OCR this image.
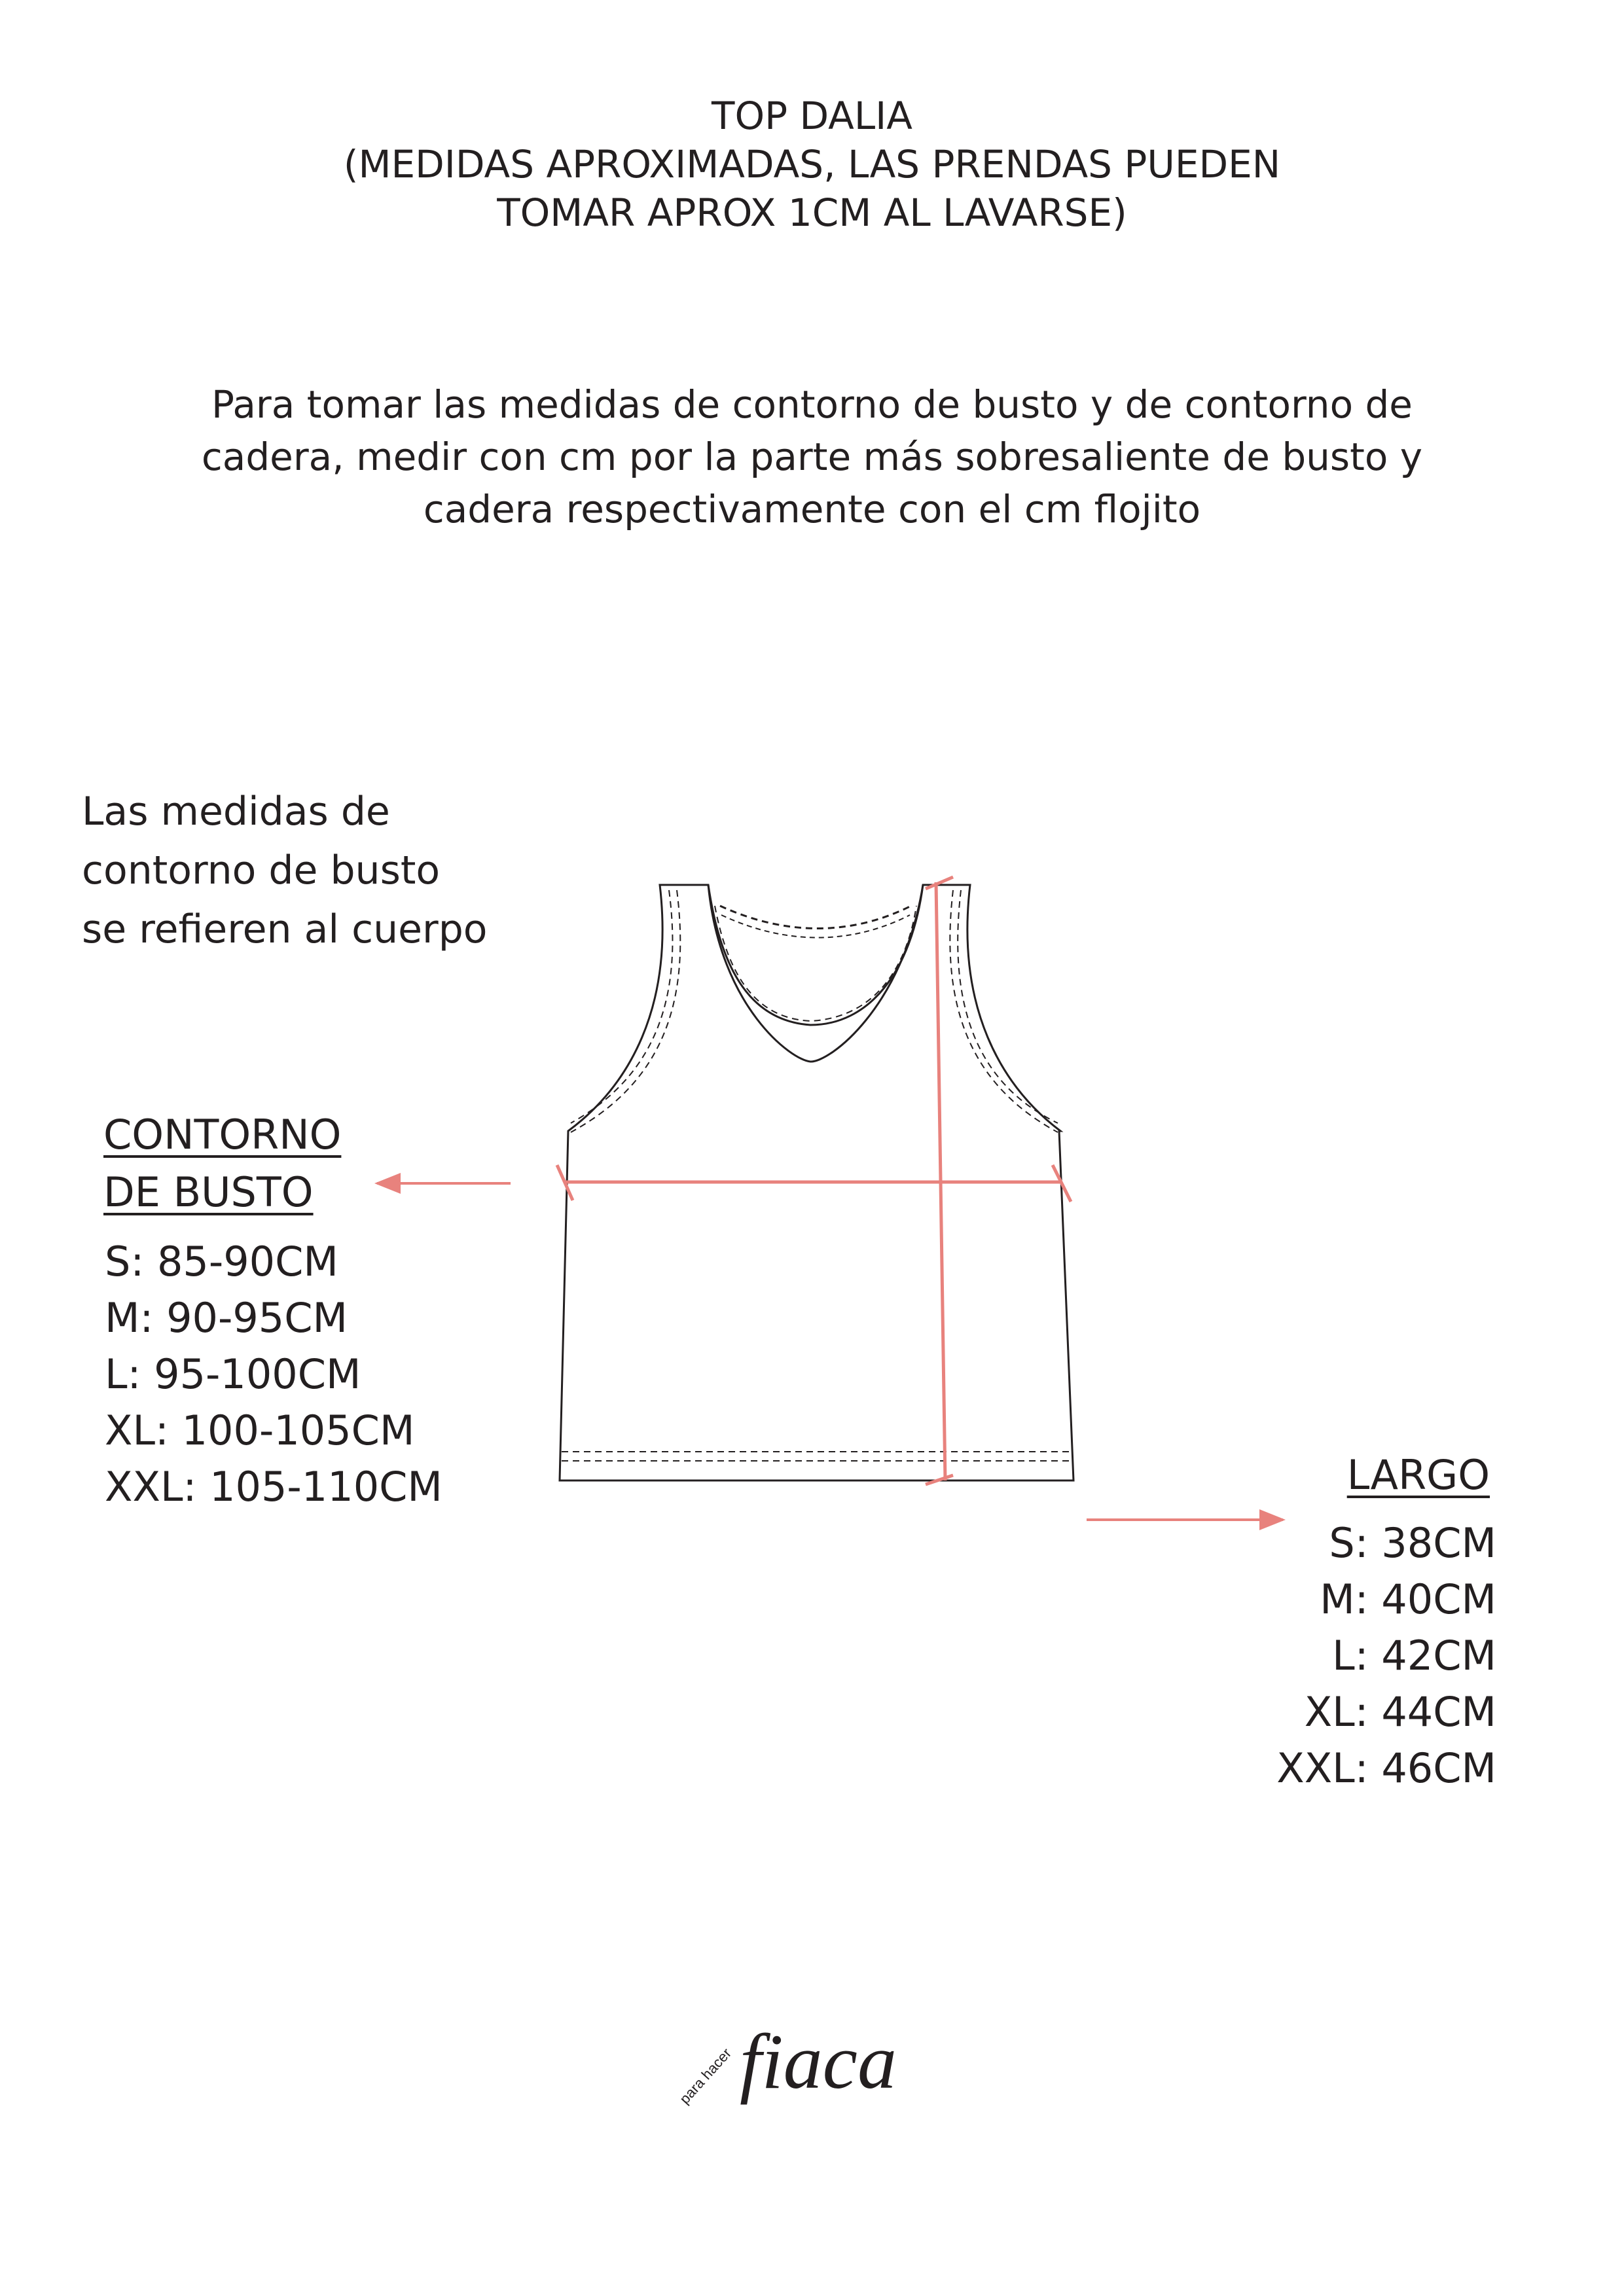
TOP DALIA
(MEDIDAS APROXIMADAS, LAS PRENDAS PUEDEN
TOMAR APROX 1CM AL LAVARSE)
Para tomar las medidas de contorno de busto y de contorno de
cadera, medir con cm por la parte más sobresaliente de busto y
cadera respectivamente con el cm flojito
Las medidas de
contorno de busto
se refieren al cuerpo
CONTORNO
DE BUSTO
S: 85-90CM
M: 90-95CM
L: 95-100CM
XL: 100-105CM
XXL: 105-110CM	LARGO
S: 38CM
M: 40CM
L: 42CM
XL: 44CM
XXL: 46CM
para hacer fiaca
